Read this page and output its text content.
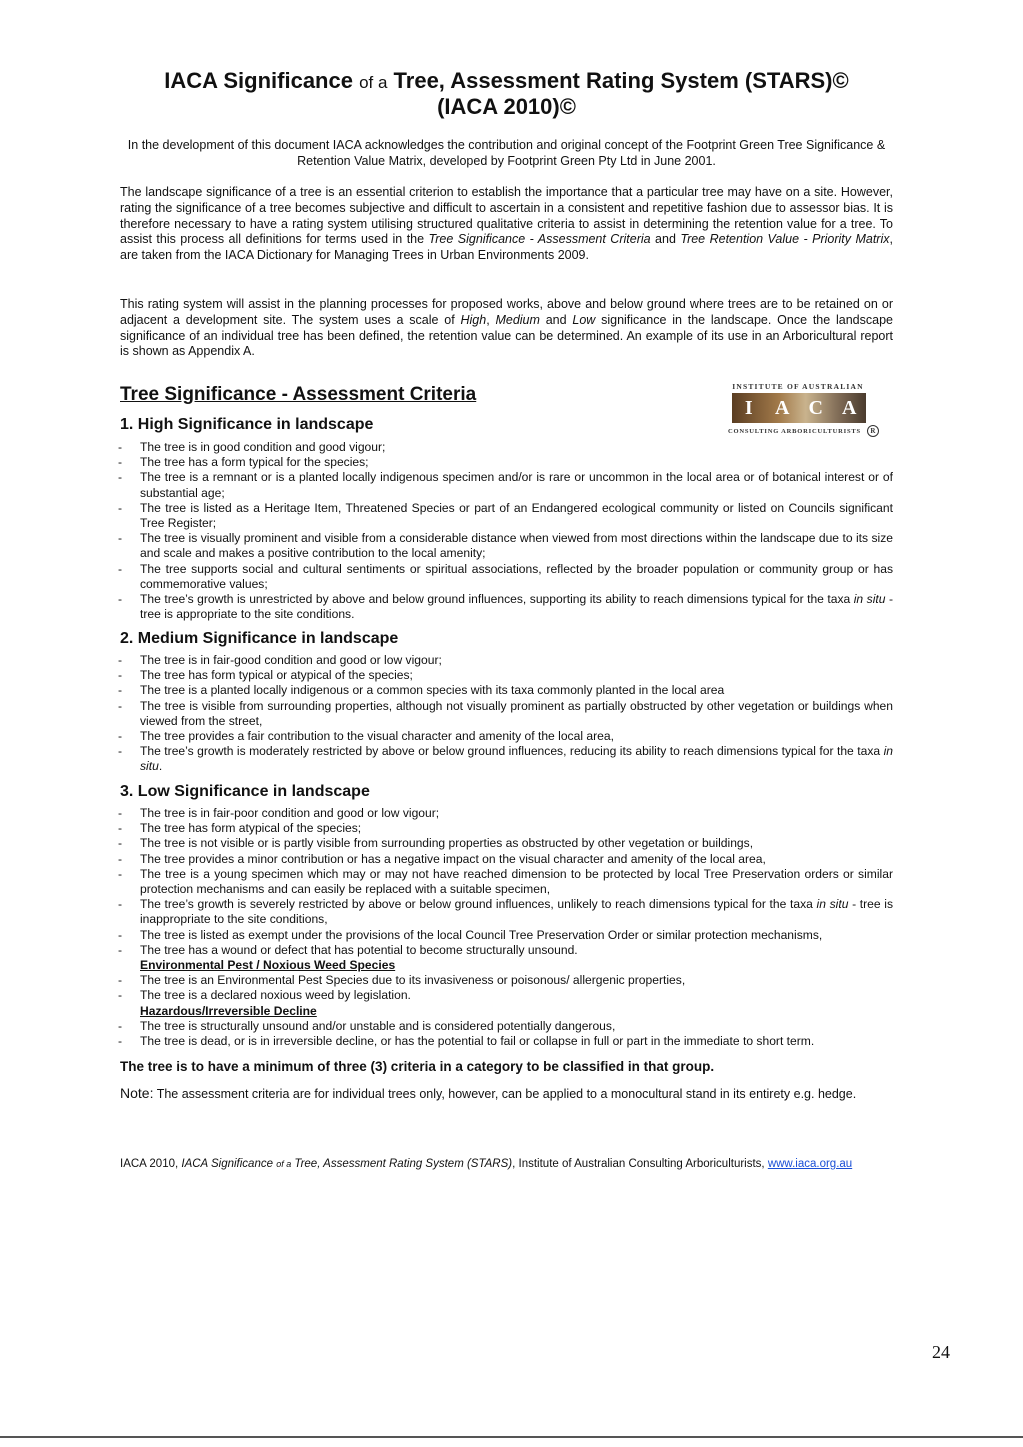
IACA Significance of a Tree, Assessment Rating System (STARS)©
(IACA 2010)©
In the development of this document IACA acknowledges the contribution and original concept of the Footprint Green Tree Significance & Retention Value Matrix, developed by Footprint Green Pty Ltd in June 2001.
The landscape significance of a tree is an essential criterion to establish the importance that a particular tree may have on a site. However, rating the significance of a tree becomes subjective and difficult to ascertain in a consistent and repetitive fashion due to assessor bias. It is therefore necessary to have a rating system utilising structured qualitative criteria to assist in determining the retention value for a tree. To assist this process all definitions for terms used in the Tree Significance - Assessment Criteria and Tree Retention Value - Priority Matrix, are taken from the IACA Dictionary for Managing Trees in Urban Environments 2009.
This rating system will assist in the planning processes for proposed works, above and below ground where trees are to be retained on or adjacent a development site. The system uses a scale of High, Medium and Low significance in the landscape. Once the landscape significance of an individual tree has been defined, the retention value can be determined. An example of its use in an Arboricultural report is shown as Appendix A.
Tree Significance - Assessment Criteria	INSTITUTE OF AUSTRALIAN
I	A C A
CONSULTING ARBORICULTURISTS	R
1. High Significance in landscape
- The tree is in good condition and good vigour;
- The tree has a form typical for the species;
- The tree is a remnant or is a planted locally indigenous specimen and/or is rare or uncommon in the local area or of botanical interest or of substantial age;
- The tree is listed as a Heritage Item, Threatened Species or part of an Endangered ecological community or listed on Councils significant Tree Register;
- The tree is visually prominent and visible from a considerable distance when viewed from most directions within the landscape due to its size and scale and makes a positive contribution to the local amenity;
- The tree supports social and cultural sentiments or spiritual associations, reflected by the broader population or community group or has commemorative values;
- The tree’s growth is unrestricted by above and below ground influences, supporting its ability to reach dimensions typical for the taxa in situ - tree is appropriate to the site conditions.
2. Medium Significance in landscape
- The tree is in fair-good condition and good or low vigour;
- The tree has form typical or atypical of the species;
- The tree is a planted locally indigenous or a common species with its taxa commonly planted in the local area
- The tree is visible from surrounding properties, although not visually prominent as partially obstructed by other vegetation or buildings when viewed from the street,
- The tree provides a fair contribution to the visual character and amenity of the local area,
- The tree’s growth is moderately restricted by above or below ground influences, reducing its ability to reach dimensions typical for the taxa in situ.
3. Low Significance in landscape
- The tree is in fair-poor condition and good or low vigour;
- The tree has form atypical of the species;
- The tree is not visible or is partly visible from surrounding properties as obstructed by other vegetation or buildings,
- The tree provides a minor contribution or has a negative impact on the visual character and amenity of the local area,
- The tree is a young specimen which may or may not have reached dimension to be protected by local Tree Preservation orders or similar protection mechanisms and can easily be replaced with a suitable specimen,
- The tree’s growth is severely restricted by above or below ground influences, unlikely to reach dimensions typical for the taxa in situ - tree is inappropriate to the site conditions,
- The tree is listed as exempt under the provisions of the local Council Tree Preservation Order or similar protection mechanisms,
- The tree has a wound or defect that has potential to become structurally unsound.
Environmental Pest / Noxious Weed Species
- The tree is an Environmental Pest Species due to its invasiveness or poisonous/ allergenic properties,
- The tree is a declared noxious weed by legislation.
Hazardous/Irreversible Decline
- The tree is structurally unsound and/or unstable and is considered potentially dangerous,
- The tree is dead, or is in irreversible decline, or has the potential to fail or collapse in full or part in the immediate to short term.
The tree is to have a minimum of three (3) criteria in a category to be classified in that group.
Note: The assessment criteria are for individual trees only, however, can be applied to a monocultural stand in its entirety e.g. hedge.
IACA 2010, IACA Significance of a Tree, Assessment Rating System (STARS), Institute of Australian Consulting Arboriculturists, www.iaca.org.au
24
